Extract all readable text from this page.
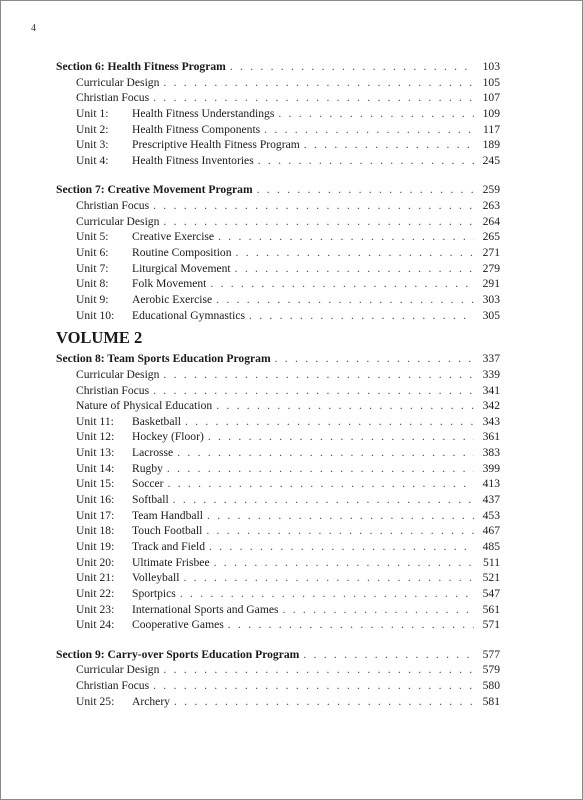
4
Section 6: Health Fitness Program . . .	103
Curricular Design . . .	105
Christian Focus . . .	107
Unit 1:	Health Fitness Understandings . . .	109
Unit 2:	Health Fitness Components . . .	117
Unit 3:	Prescriptive Health Fitness Program . . .	189
Unit 4:	Health Fitness Inventories . . .	245
Section 7: Creative Movement Program . . .	259
Christian Focus . . .	263
Curricular Design . . .	264
Unit 5:	Creative Exercise . . .	265
Unit 6:	Routine Composition . . .	271
Unit 7:	Liturgical Movement . . .	279
Unit 8:	Folk Movement . . .	291
Unit 9:	Aerobic Exercise . . .	303
Unit 10:	Educational Gymnastics . . .	305
VOLUME 2
Section 8: Team Sports Education Program . . .	337
Curricular Design . . .	339
Christian Focus . . .	341
Nature of Physical Education . . .	342
Unit 11:	Basketball . . .	343
Unit 12:	Hockey (Floor) . . .	361
Unit 13:	Lacrosse . . .	383
Unit 14:	Rugby . . .	399
Unit 15:	Soccer . . .	413
Unit 16:	Softball . . .	437
Unit 17:	Team Handball . . .	453
Unit 18:	Touch Football . . .	467
Unit 19:	Track and Field . . .	485
Unit 20:	Ultimate Frisbee . . .	511
Unit 21:	Volleyball . . .	521
Unit 22:	Sportpics . . .	547
Unit 23:	International Sports and Games . . .	561
Unit 24:	Cooperative Games . . .	571
Section 9: Carry-over Sports Education Program . . .	577
Curricular Design . . .	579
Christian Focus . . .	580
Unit 25:	Archery . . .	581
